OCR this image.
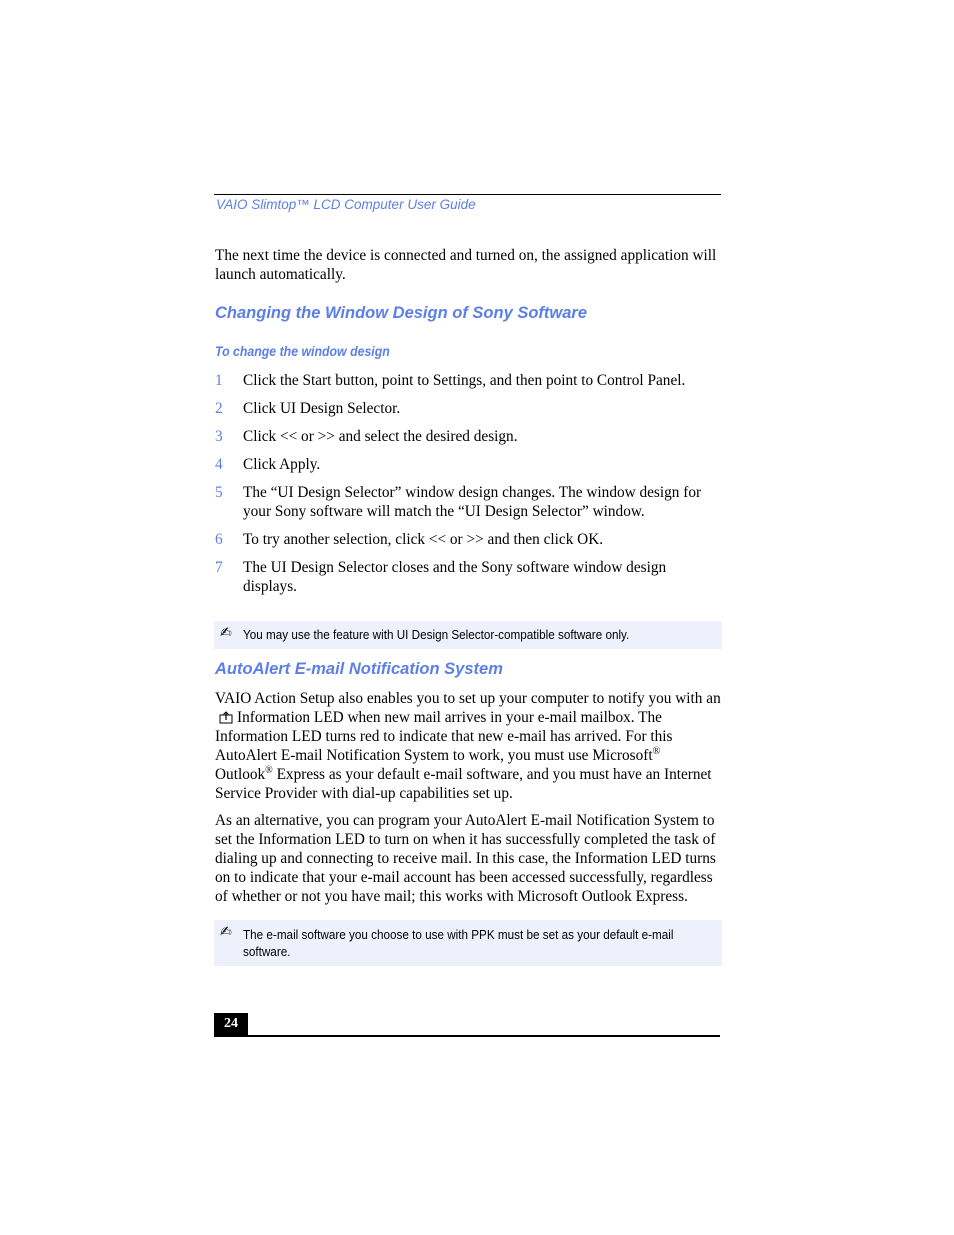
VAIO Slimtop™ LCD Computer User Guide

The next time the device is connected and turned on, the assigned application will launch automatically.

Changing the Window Design of Sony Software
To change the window design
1 Click the Start button, point to Settings, and then point to Control Panel.
2 Click UI Design Selector.
3 Click << or >> and select the desired design.
4 Click Apply.
5 The “UI Design Selector” window design changes. The window design for your Sony software will match the “UI Design Selector” window.
6 To try another selection, click << or >> and then click OK.
7 The UI Design Selector closes and the Sony software window design displays.
✍ You may use the feature with UI Design Selector-compatible software only.
AutoAlert E-mail Notification System

VAIO Action Setup also enables you to set up your computer to notify you with anInformation LED when new mail arrives in your e-mail mailbox. The Information LED turns red to indicate that new e-mail has arrived. For this AutoAlert E-mail Notification System to work, you must use Microsoft® Outlook® Express as your default e-mail software, and you must have an Internet Service Provider with dial-up capabilities set up.

As an alternative, you can program your AutoAlert E-mail Notification System to set the Information LED to turn on when it has successfully completed the task of dialing up and connecting to receive mail. In this case, the Information LED turns on to indicate that your e-mail account has been accessed successfully, regardless of whether or not you have mail; this works with Microsoft Outlook Express.

✍ The e-mail software you choose to use with PPK must be set as your default e-mail software.
24
